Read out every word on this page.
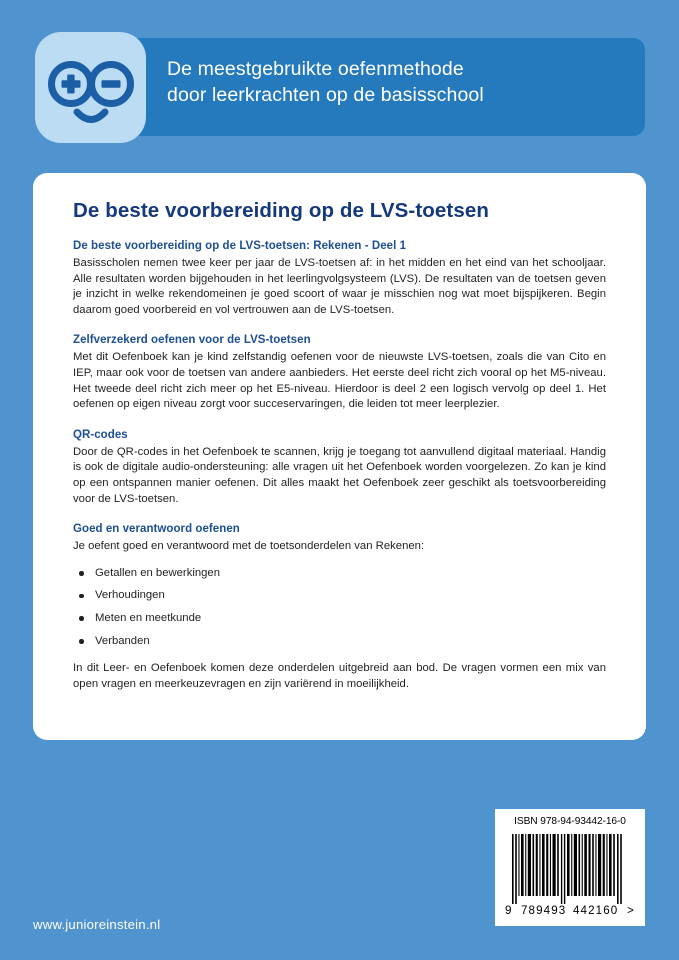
De meestgebruikte oefenmethode
door leerkrachten op de basisschool
De beste voorbereiding op de LVS-toetsen
De beste voorbereiding op de LVS-toetsen: Rekenen - Deel 1

Basisscholen nemen twee keer per jaar de LVS-toetsen af: in het midden en het eind van het schooljaar. Alle resultaten worden bijgehouden in het leerlingvolgsysteem (LVS). De resultaten van de toetsen geven je inzicht in welke rekendomeinen je goed scoort of waar je misschien nog wat moet bijspijkeren. Begin daarom goed voorbereid en vol vertrouwen aan de LVS-toetsen.

Zelfverzekerd oefenen voor de LVS-toetsen

Met dit Oefenboek kan je kind zelfstandig oefenen voor de nieuwste LVS-toetsen, zoals die van Cito en IEP, maar ook voor de toetsen van andere aanbieders. Het eerste deel richt zich vooral op het M5-niveau. Het tweede deel richt zich meer op het E5-niveau. Hierdoor is deel 2 een logisch vervolg op deel 1. Het oefenen op eigen niveau zorgt voor succeservaringen, die leiden tot meer leerplezier.

QR-codes

Door de QR-codes in het Oefenboek te scannen, krijg je toegang tot aanvullend digitaal materiaal. Handig is ook de digitale audio-ondersteuning: alle vragen uit het Oefenboek worden voorgelezen. Zo kan je kind op een ontspannen manier oefenen. Dit alles maakt het Oefenboek zeer geschikt als toetsvoorbereiding voor de LVS-toetsen.

Goed en verantwoord oefenen

Je oefent goed en verantwoord met de toetsonderdelen van Rekenen:

Getallen en bewerkingen
Verhoudingen
Meten en meetkunde
Verbanden

In dit Leer- en Oefenboek komen deze onderdelen uitgebreid aan bod. De vragen vormen een mix van open vragen en meerkeuzevragen en zijn variërend in moeilijkheid.

www.junioreinstein.nl
ISBN 978-94-93442-16-0
9 789493 442160 >
